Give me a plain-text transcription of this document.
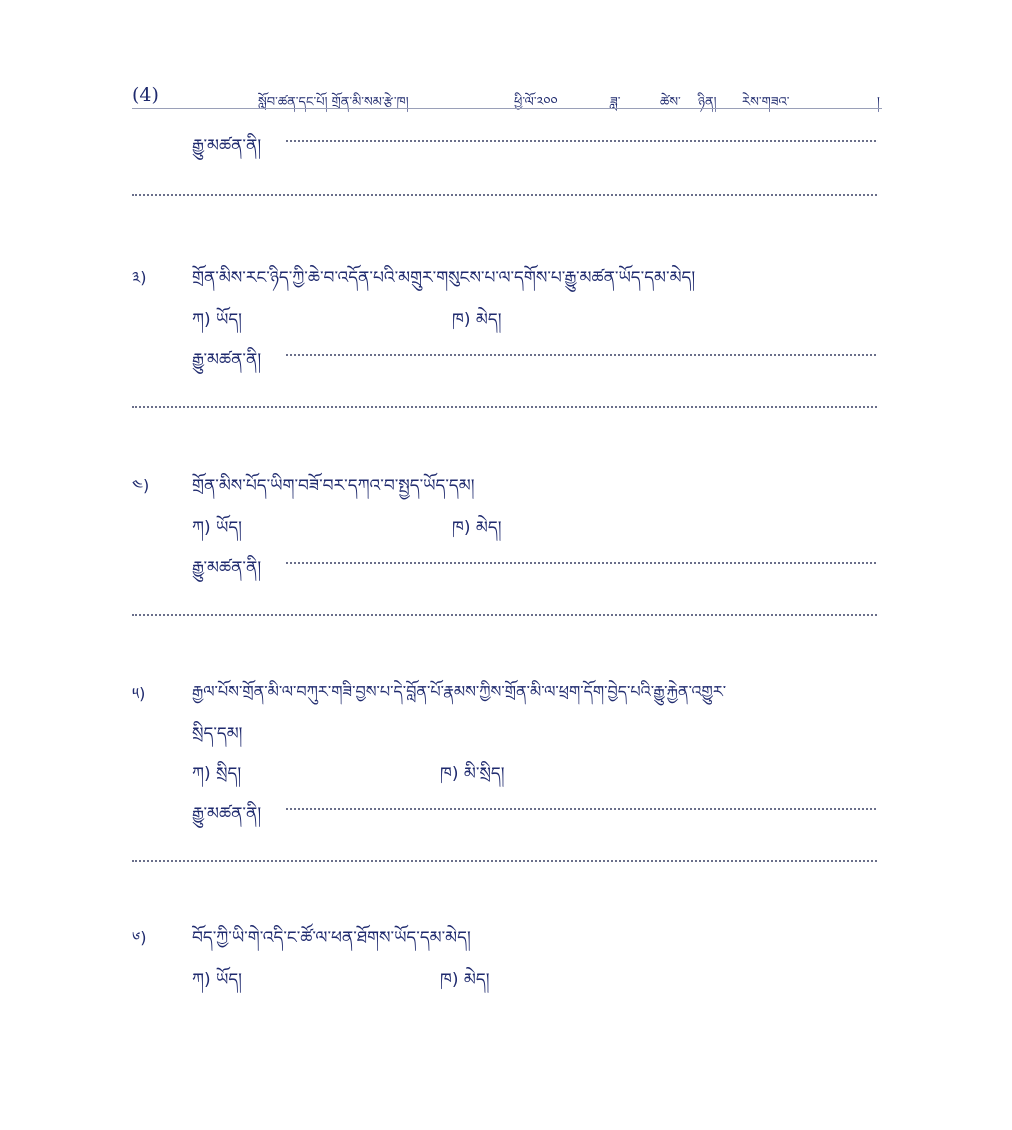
(4)	སློབ་ཚན་དང་པོ། གྲོན་མི་སམ་རྩེ་ཁ།	ཕྱི་ལོ་༢༠༠	ཟླ་	ཚེས་ ཉིན། རེས་གཟའ་	།
རྒྱུ་མཚན་ནི།
༣)	གྲོན་མིས་རང་ཉིད་ཀྱི་ཆེ་བ་འདོན་པའི་མགྲུར་གསུངས་པ་ལ་དགོས་པ་རྒྱུ་མཚན་ཡོད་དམ་མེད།
ཀ) ཡོད།	ཁ) མེད།
རྒྱུ་མཚན་ནི།
༤)	གྲོན་མིས་པོད་ཡིག་བཟོ་བར་དཀའ་བ་སྤྱད་ཡོད་དམ།
ཀ) ཡོད།	ཁ) མེད།
རྒྱུ་མཚན་ནི།
༥)	རྒྱལ་པོས་གྲོན་མི་ལ་བཀུར་གཟི་བྱས་པ་དེ་བློན་པོ་རྣམས་ཀྱིས་གྲོན་མི་ལ་ཕྲག་དོག་བྱེད་པའི་རྒྱུ་རྐྱེན་འགྱུར་
སྲིད་དམ།
ཀ) སྲིད།	ཁ) མི་སྲིད།
རྒྱུ་མཚན་ནི།
༦)	བོད་ཀྱི་ཡི་གེ་འདི་ང་ཚོ་ལ་ཕན་ཐོགས་ཡོད་དམ་མེད།
ཀ) ཡོད།	ཁ) མེད།
